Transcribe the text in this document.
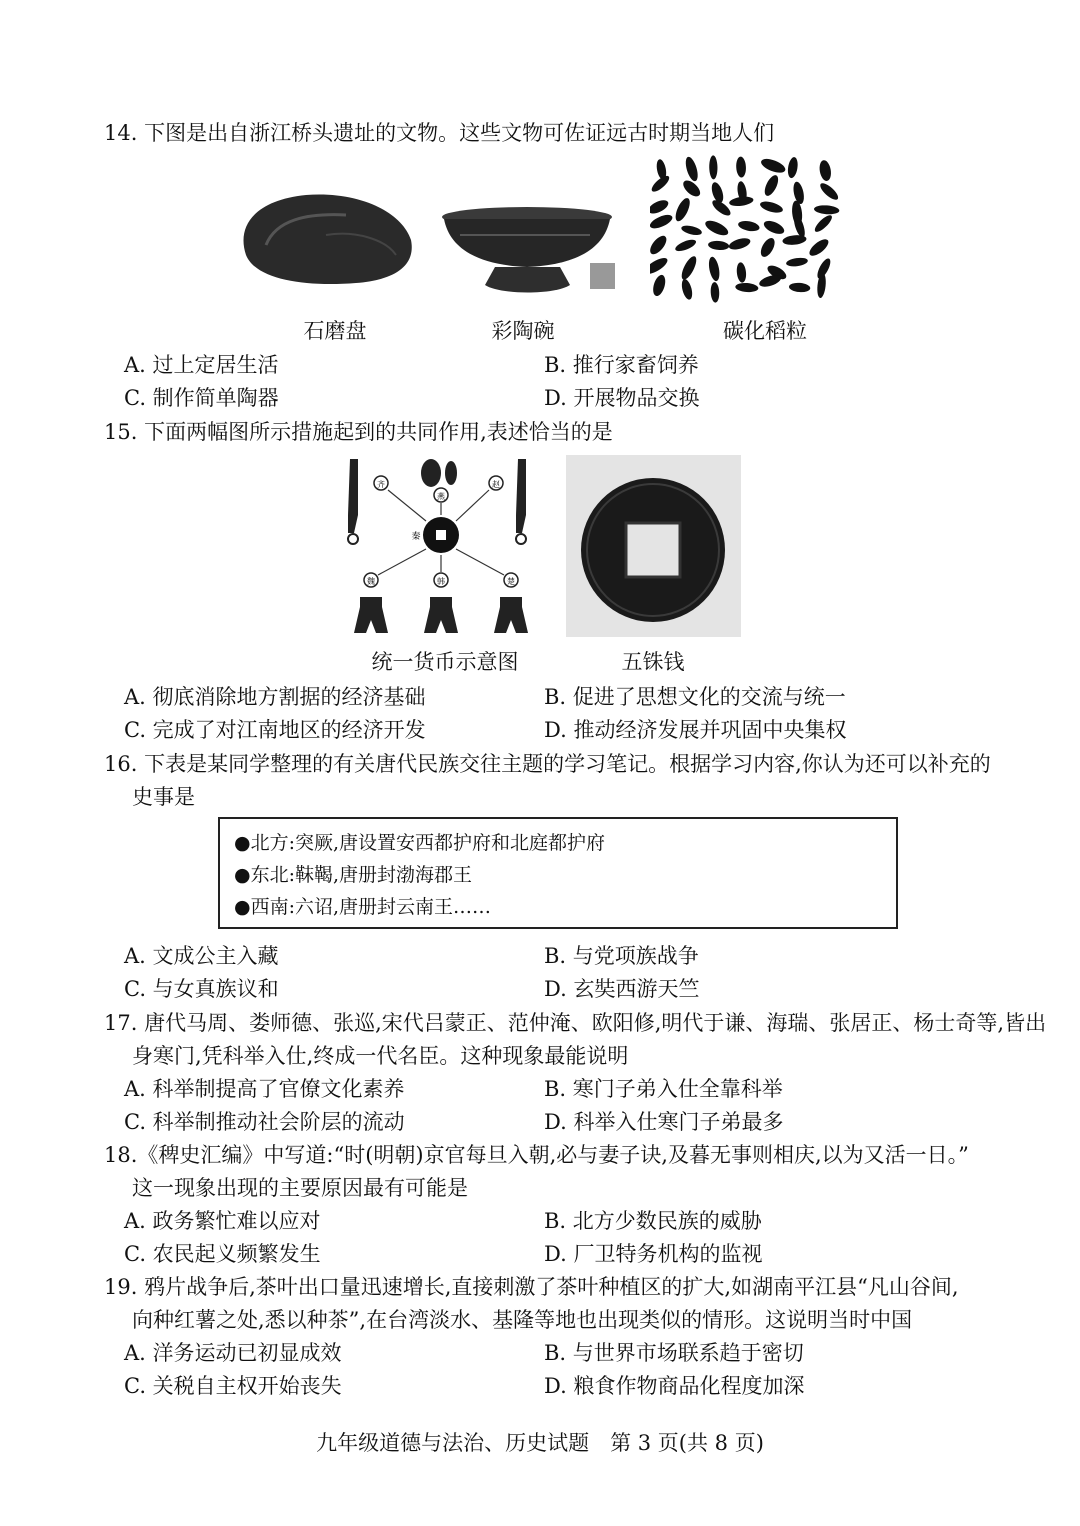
14. 下图是出自浙江桥头遗址的文物。这些文物可佐证远古时期当地人们
石磨盘	彩陶碗	碳化稻粒
A. 过上定居生活	B. 推行家畜饲养
C. 制作简单陶器	D. 开展物品交换
15. 下面两幅图所示措施起到的共同作用,表述恰当的是
齐
燕
赵
魏	韩	楚
秦
统一货币示意图	五铢钱
A. 彻底消除地方割据的经济基础	B. 促进了思想文化的交流与统一
C. 完成了对江南地区的经济开发	D. 推动经济发展并巩固中央集权
16. 下表是某同学整理的有关唐代民族交往主题的学习笔记。根据学习内容,你认为还可以补充的
史事是
●北方:突厥,唐设置安西都护府和北庭都护府
●东北:靺鞨,唐册封渤海郡王
●西南:六诏,唐册封云南王……
A. 文成公主入藏	B. 与党项族战争
C. 与女真族议和	D. 玄奘西游天竺
17. 唐代马周、娄师德、张巡,宋代吕蒙正、范仲淹、欧阳修,明代于谦、海瑞、张居正、杨士奇等,皆出
身寒门,凭科举入仕,终成一代名臣。这种现象最能说明
A. 科举制提高了官僚文化素养	B. 寒门子弟入仕全靠科举
C. 科举制推动社会阶层的流动	D. 科举入仕寒门子弟最多
18.《稗史汇编》中写道:“时(明朝)京官每旦入朝,必与妻子诀,及暮无事则相庆,以为又活一日。”
这一现象出现的主要原因最有可能是
A. 政务繁忙难以应对	B. 北方少数民族的威胁
C. 农民起义频繁发生	D. 厂卫特务机构的监视
19. 鸦片战争后,茶叶出口量迅速增长,直接刺激了茶叶种植区的扩大,如湖南平江县“凡山谷间,
向种红薯之处,悉以种茶”,在台湾淡水、基隆等地也出现类似的情形。这说明当时中国
A. 洋务运动已初显成效	B. 与世界市场联系趋于密切
C. 关税自主权开始丧失	D. 粮食作物商品化程度加深
九年级道德与法治、历史试题　第 3 页(共 8 页)
